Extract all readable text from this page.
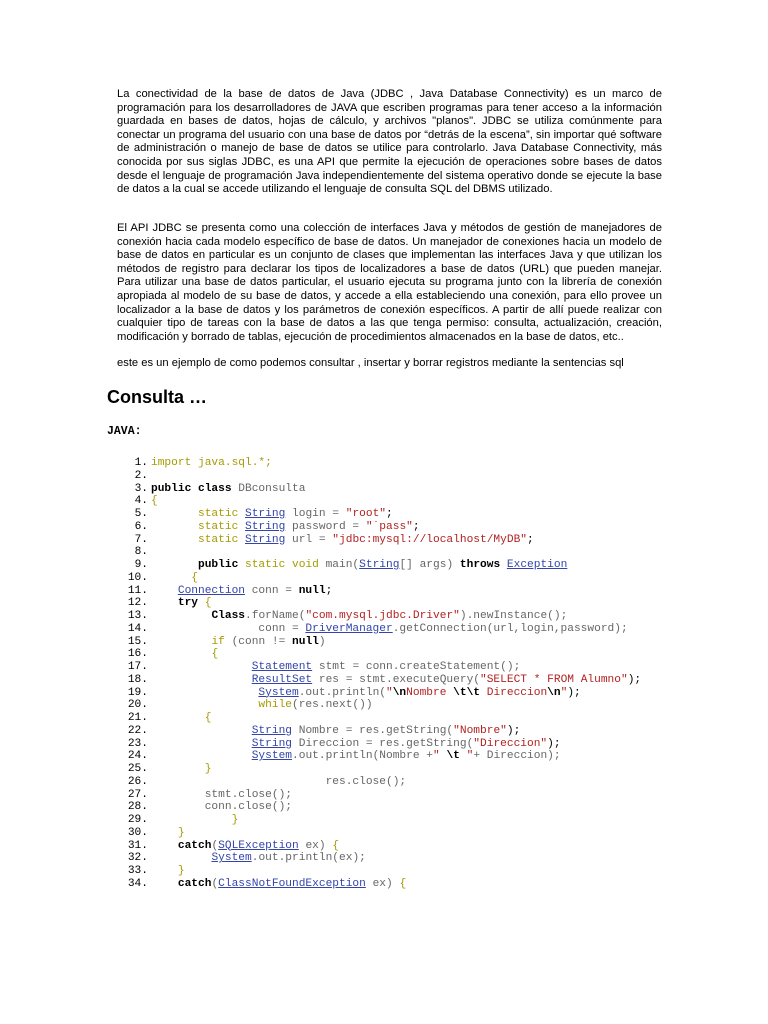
La conectividad de la base de datos de Java (JDBC , Java Database Connectivity) es un marco de programación para los desarrolladores de JAVA que escriben programas para tener acceso a la información guardada en bases de datos, hojas de cálculo, y archivos "planos". JDBC se utiliza comúnmente para conectar un programa del usuario con una base de datos por “detrás de la escena”, sin importar qué software de administración o manejo de base de datos se utilice para controlarlo. Java Database Connectivity, más conocida por sus siglas JDBC, es una API que permite la ejecución de operaciones sobre bases de datos desde el lenguaje de programación Java independientemente del sistema operativo donde se ejecute la base de datos a la cual se accede utilizando el lenguaje de consulta SQL del DBMS utilizado.

El API JDBC se presenta como una colección de interfaces Java y métodos de gestión de manejadores de conexión hacia cada modelo específico de base de datos. Un manejador de conexiones hacia un modelo de base de datos en particular es un conjunto de clases que implementan las interfaces Java y que utilizan los métodos de registro para declarar los tipos de localizadores a base de datos (URL) que pueden manejar. Para utilizar una base de datos particular, el usuario ejecuta su programa junto con la librería de conexión apropiada al modelo de su base de datos, y accede a ella estableciendo una conexión, para ello provee un localizador a la base de datos y los parámetros de conexión específicos. A partir de allí puede realizar con cualquier tipo de tareas con la base de datos a las que tenga permiso: consulta, actualización, creación, modificación y borrado de tablas, ejecución de procedimientos almacenados en la base de datos, etc..

este es un ejemplo de como podemos consultar , insertar y borrar registros mediante la sentencias sql

Consulta …
JAVA:
1. import java.sql.*;
2.
3. public class DBconsulta
4. {
5.	static String login = "root";
6.	static String password = "˙pass";
7.	static String url = "jdbc:mysql://localhost/MyDB";
8.
9.	public static void main(String[] args) throws Exception
10.	{
11.	Connection conn = null;
12.	try {
13.	Class.forName("com.mysql.jdbc.Driver").newInstance();
14.	conn = DriverManager.getConnection(url,login,password);
15.	if (conn != null)
16.	{
17.	Statement stmt = conn.createStatement();
18.	ResultSet res = stmt.executeQuery("SELECT * FROM Alumno");
19.	System.out.println("\nNombre \t\t Direccion\n");
20.	while(res.next())
21.	{
22.	String Nombre = res.getString("Nombre");
23.	String Direccion = res.getString("Direccion");
24.	System.out.println(Nombre +" \t "+ Direccion);
25.	}
26.	res.close();
27.	stmt.close();
28.	conn.close();
29.	}
30.	}
31.	catch(SQLException ex) {
32.	System.out.println(ex);
33.	}
34.	catch(ClassNotFoundException ex) {
